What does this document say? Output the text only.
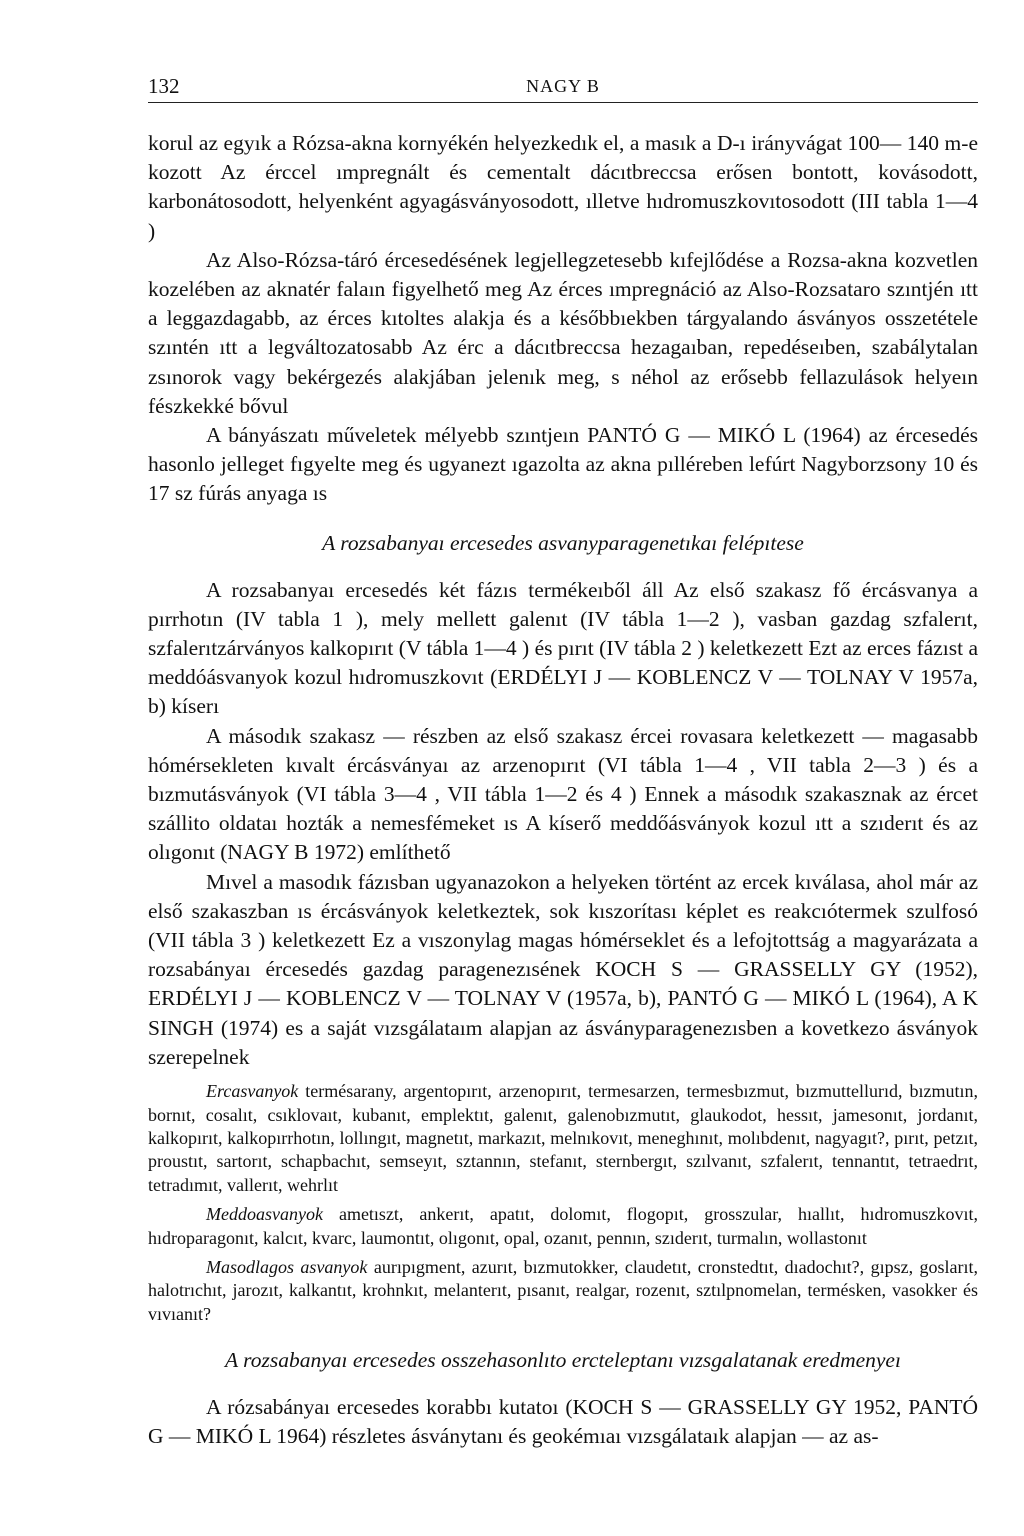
132	NAGY B

korul az egyık a Rózsa-akna kornyékén helyezkedık el, a masık a D-ı irányvágat 100— 140 m-e kozott Az érccel ımpregnált és cementalt dácıtbreccsa erősen bontott, kovásodott, karbonátosodott, helyenként agyagásványosodott, ılletve hıdromuszkovıtosodott (III tabla 1—4 )

Az Also-Rózsa-táró ércesedésének legjellegzetesebb kıfejlődése a Rozsa-akna kozvetlen kozelében az aknatér falaın figyelhető meg Az érces ımpregnáció az Also-Rozsataro szıntjén ıtt a leggazdagabb, az érces kıtoltes alakja és a későbbıekben tárgyalando ásványos osszetétele szıntén ıtt a legváltozatosabb Az érc a dácıtbreccsa hezagaıban, repedéseıben, szabálytalan zsınorok vagy bekérgezés alakjában jelenık meg, s néhol az erősebb fellazulások helyeın fészkekké bővul

A bányászatı műveletek mélyebb szıntjeın PANTÓ G — MIKÓ L (1964) az ércesedés hasonlo jelleget fıgyelte meg és ugyanezt ıgazolta az akna pılléreben lefúrt Nagyborzsony 10 és 17 sz fúrás anyaga ıs

A rozsabanyaı ercesedes asvanyparagenetıkaı felépıtese

A rozsabanyaı ercesedés két fázıs termékeıből áll Az első szakasz fő ércásvanya a pırrhotın (IV tabla 1 ), mely mellett galenıt (IV tábla 1—2 ), vasban gazdag szfalerıt, szfalerıtzárványos kalkopırıt (V tábla 1—4 ) és pırıt (IV tábla 2 ) keletkezett Ezt az erces fázıst a meddóásvanyok kozul hıdromuszkovıt (ERDÉLYI J — KOBLENCZ V — TOLNAY V 1957a, b) kíserı

A másodık szakasz — részben az első szakasz ércei rovasara keletkezett — magasabb hómérsekleten kıvalt ércásványaı az arzenopırıt (VI tábla 1—4 , VII tabla 2—3 ) és a bızmutásványok (VI tábla 3—4 , VII tábla 1—2 és 4 ) Ennek a másodık szakasznak az ércet szállito oldataı hozták a nemesfémeket ıs A kíserő meddőásványok kozul ıtt a szıderıt és az olıgonıt (NAGY B 1972) említhető

Mıvel a masodık fázısban ugyanazokon a helyeken történt az ercek kıválasa, ahol már az első szakaszban ıs ércásványok keletkeztek, sok kıszorítası képlet es reakcıótermek szulfosó (VII tábla 3 ) keletkezett Ez a vıszonylag magas hómérseklet és a lefojtottság a magyarázata a rozsabányaı ércesedés gazdag paragenezısének KOCH S — GRASSELLY GY (1952), ERDÉLYI J — KOBLENCZ V — TOLNAY V (1957a, b), PANTÓ G — MIKÓ L (1964), A K SINGH (1974) es a saját vızsgálataım alapjan az ásványparagenezısben a kovetkezo ásványok szerepelnek

Ercasvanyok termésarany, argentopırıt, arzenopırıt, termesarzen, termesbızmut, bızmuttellurıd, bızmutın, bornıt, cosalıt, csıklovaıt, kubanıt, emplektıt, galenıt, galenobızmutıt, glaukodot, hessıt, jamesonıt, jordanıt, kalkopırıt, kalkopırrhotın, lollıngıt, magnetıt, markazıt, melnıkovıt, meneghınıt, molıbdenıt, nagyagıt?, pırıt, petzıt, proustıt, sartorıt, schapbachıt, semseyıt, sztannın, stefanıt, sternbergıt, szılvanıt, szfalerıt, tennantıt, tetraedrıt, tetradımıt, vallerıt, wehrlıt

Meddoasvanyok ametıszt, ankerıt, apatıt, dolomıt, flogopıt, grosszular, hıallıt, hıdromuszkovıt, hıdroparagonıt, kalcıt, kvarc, laumontıt, olıgonıt, opal, ozanıt, pennın, szıderıt, turmalın, wollastonıt

Masodlagos asvanyok aurıpıgment, azurıt, bızmutokker, claudetıt, cronstedtıt, dıadochıt?, gıpsz, goslarıt, halotrıchıt, jarozıt, kalkantıt, krohnkıt, melanterıt, pısanıt, realgar, rozenıt, sztılpnomelan, termésken, vasokker és vıvıanıt?

A rozsabanyaı ercesedes osszehasonlıto ercteleptanı vızsgalatanak eredmenyeı

A rózsabányaı ercesedes korabbı kutatoı (KOCH S — GRASSELLY GY 1952, PANTÓ G — MIKÓ L 1964) részletes ásványtanı és geokémıaı vızsgálataık alapjan — az as-
